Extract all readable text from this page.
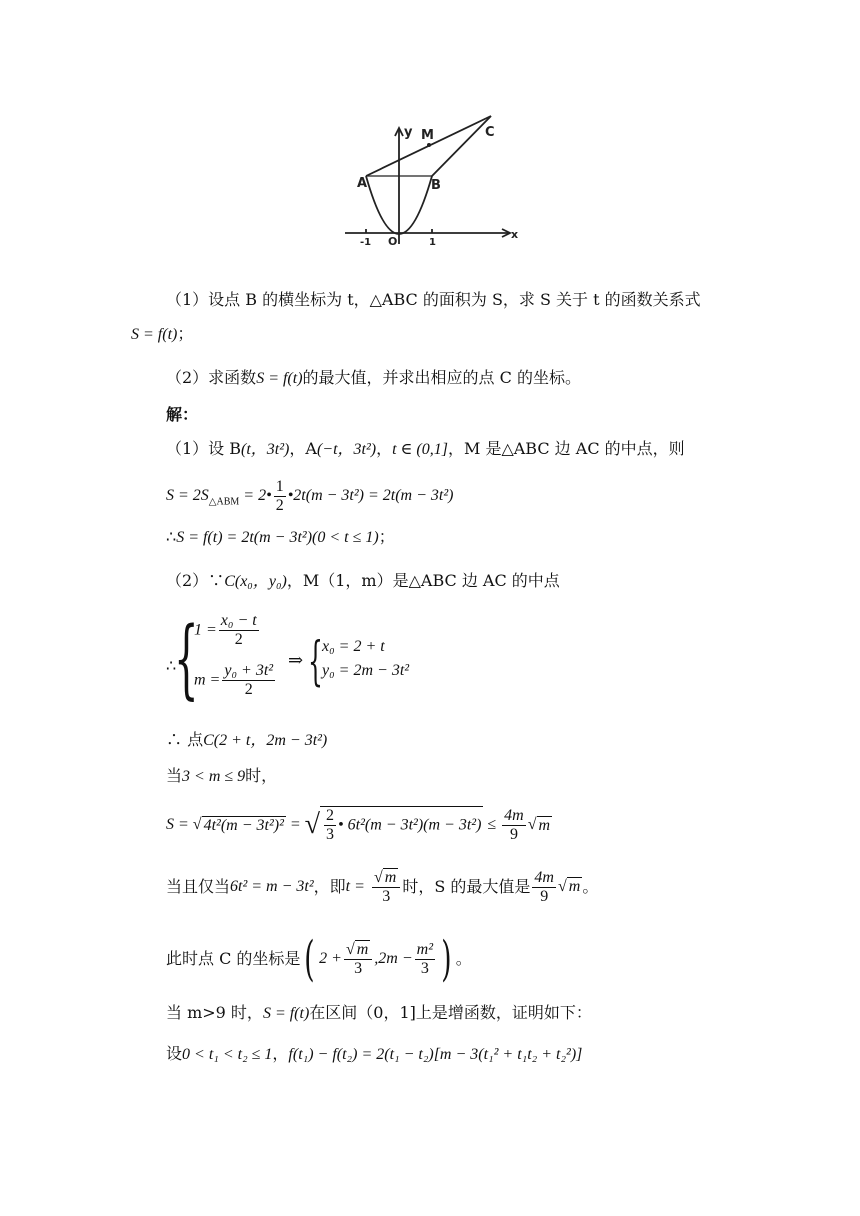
y M	C
A	B
x
O
-1	1
（1）设点 B 的横坐标为 t，△ABC 的面积为 S，求 S 关于 t 的函数关系式
S = f(t)；
（2）求函数S = f(t)的最大值，并求出相应的点 C 的坐标。
解：
（1）设 B(t，3t²)，A(−t，3t²)，t ∈ (0,1]，M 是△ABC 边 AC 的中点，则
$S = 2S_{\triangle ABM}$ = 2• $\frac{1}{2}$ •2t(m − 3t²) = 2t(m − 3t²)
∴S = f(t) = 2t(m − 3t²)(0 < t ≤ 1)；
（2）∵C(x₀，y₀)，M（1，m）是△ABC 边 AC 的中点
∴
{
$1 = \frac{\text{x₀ − t}}{2}$
$m = \frac{\text{y₀ + 3t²}}{2}$
⇒ { x₀ = 2 + t
y₀ = 2m − 3t²
∴ 点C(2 + t，2m − 3t²)
当3 < m ≤ 9时，
S = √ 4t²(m − 3t²)² = √ $\frac{2}{3}$ • $6t^2(m - 3t^2)(m - 3t^2) \le \frac{4m}{9}$ √ m
当且仅当6t² = m − 3t²，即$t = \frac{√ m}{3}$ 时，S 的最大值是 $\frac{4m}{9}$ √ m 。
此时点 C 的坐标是( $2 + \frac{√ m}{3} ,2m - \frac{\text{m²}}{3}$ ) 。
当 m>9 时，S = f(t)在区间（0，1]上是增函数，证明如下：
设0 < t₁ < t₂ ≤ 1，f(t₁) − f(t₂) = 2(t₁ − t₂)[m − 3(t₁² + t₁t₂ + t₂²)]
